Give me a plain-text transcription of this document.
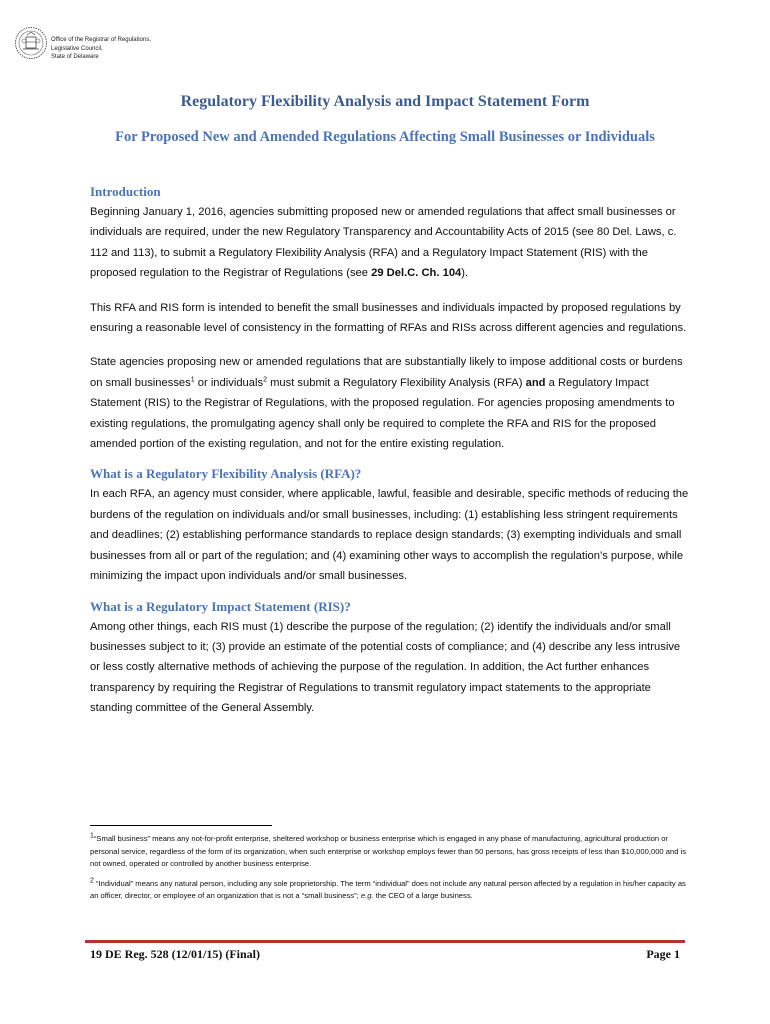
Office of the Registrar of Regulations,
Legislative Council,
State of Delaware
Regulatory Flexibility Analysis and Impact Statement Form
For Proposed New and Amended Regulations Affecting Small Businesses or Individuals
Introduction

Beginning January 1, 2016, agencies submitting proposed new or amended regulations that affect small businesses or individuals are required, under the new Regulatory Transparency and Accountability Acts of 2015 (see 80 Del. Laws, c. 112 and 113), to submit a Regulatory Flexibility Analysis (RFA) and a Regulatory Impact Statement (RIS) with the proposed regulation to the Registrar of Regulations (see 29 Del.C. Ch. 104).

This RFA and RIS form is intended to benefit the small businesses and individuals impacted by proposed regulations by ensuring a reasonable level of consistency in the formatting of RFAs and RISs across different agencies and regulations.

State agencies proposing new or amended regulations that are substantially likely to impose additional costs or burdens on small businesses$^1$ or individuals$^2$ must submit a Regulatory Flexibility Analysis (RFA) and a Regulatory Impact Statement (RIS) to the Registrar of Regulations, with the proposed regulation. For agencies proposing amendments to existing regulations, the promulgating agency shall only be required to complete the RFA and RIS for the proposed amended portion of the existing regulation, and not for the entire existing regulation.

What is a Regulatory Flexibility Analysis (RFA)?

In each RFA, an agency must consider, where applicable, lawful, feasible and desirable, specific methods of reducing the burdens of the regulation on individuals and/or small businesses, including: (1) establishing less stringent requirements and deadlines; (2) establishing performance standards to replace design standards; (3) exempting individuals and small businesses from all or part of the regulation; and (4) examining other ways to accomplish the regulation’s purpose, while minimizing the impact upon individuals and/or small businesses.

What is a Regulatory Impact Statement (RIS)?

Among other things, each RIS must (1) describe the purpose of the regulation; (2) identify the individuals and/or small businesses subject to it; (3) provide an estimate of the potential costs of compliance; and (4) describe any less intrusive or less costly alternative methods of achieving the purpose of the regulation. In addition, the Act further enhances transparency by requiring the Registrar of Regulations to transmit regulatory impact statements to the appropriate standing committee of the General Assembly.

$^1$“Small business” means any not-for-profit enterprise, sheltered workshop or business enterprise which is engaged in any phase of manufacturing, agricultural production or personal service, regardless of the form of its organization, when such enterprise or workshop employs fewer than 50 persons, has gross receipts of less than $10,000,000 and is not owned, operated or controlled by another business enterprise.

$^2$ “Individual” means any natural person, including any sole proprietorship. The term “individual” does not include any natural person affected by a regulation in his/her capacity as an officer, director, or employee of an organization that is not a “small business”; e.g. the CEO of a large business.

19 DE Reg. 528 (12/01/15) (Final)	Page 1
